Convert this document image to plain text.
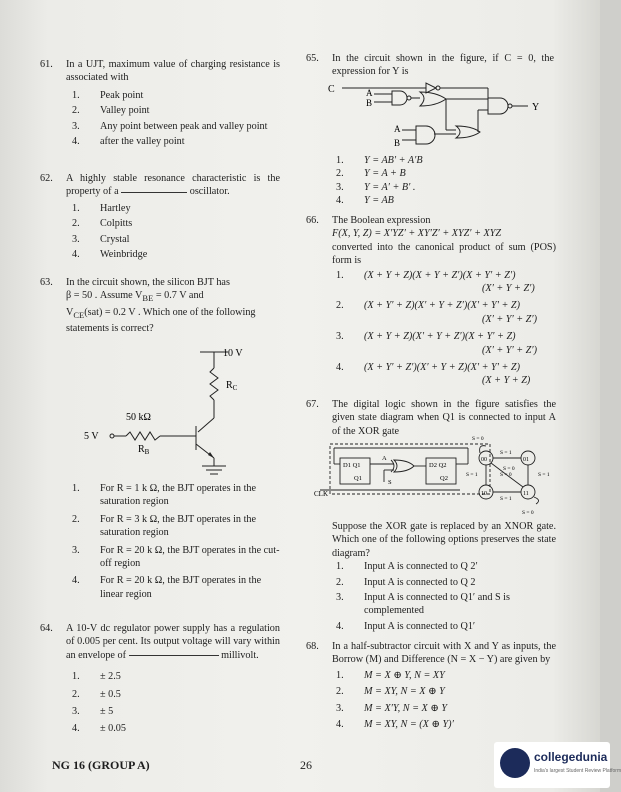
61.	In a UJT, maximum value of charging resistance is associated with
1.	Peak point
2.	Valley point
3.	Any point between peak and valley point
4.	after the valley point
62.	A highly stable resonance characteristic is the property of a	oscillator.
1.	Hartley
2.	Colpitts
3.	Crystal
4.	Weinbridge
63.	In the circuit shown, the silicon BJT has
β = 50 . Assume $V_{BE} = 0.7$ V and
$V_{CE}(sat) = 0.2$ V . Which one of the following
statements is correct?
10 V
$R_C$
50 kΩ
$R_B$
5 V
1.	For R = 1 k Ω, the BJT operates in the saturation region
2.	For R = 3 k Ω, the BJT operates in the saturation region
3.	For R = 20 k Ω, the BJT operates in the cut-off region
4.	For R = 20 k Ω, the BJT operates in the linear region
64.	A 10-V dc regulator power supply has a regulation of 0.005 per cent. Its output voltage will vary within an envelope of	millivolt.
1.	± 2.5
2.	± 0.5
3.	± 5
4.	± 0.05
65.	In the circuit shown in the figure, if C = 0, the expression for Y is
C	A
B
A
B
Y
1.	Y = AB′ + A′B
2.	Y = A + B
3.	Y = A′ + B′ .
4.	Y = AB
66.	The Boolean expression
F(X, Y, Z) = X′YZ′ + XY′Z′ + XYZ′ + XYZ
converted into the canonical product of sum (POS) form is
1.	(X + Y + Z)(X + Y + Z′)(X + Y′ + Z′)
(X′ + Y + Z′)
2.	(X + Y′ + Z)(X′ + Y + Z′)(X′ + Y′ + Z)
(X′ + Y′ + Z′)
3.	(X + Y + Z)(X′ + Y + Z′)(X + Y′ + Z)
(X′ + Y′ + Z′)
4.	(X + Y′ + Z′)(X′ + Y + Z)(X′ + Y′ + Z)
(X + Y + Z)
67.	The digital logic shown in the figure satisfies the given state diagram when Q1 is connected to input A of the XOR gate
D1 Q1
Q1
D2 Q2
Q2
A
S
CLK
S = 0
S = 1
S = 0
S = 0	S = 1
S = 1
S = 1
S = 0
00	01
10	11
Suppose the XOR gate is replaced by an XNOR gate. Which one of the following options preserves the state diagram?
1.	Input A is connected to Q 2′
2.	Input A is connected to Q 2
3.	Input A is connected to Q1′ and S is complemented
4.	Input A is connected to Q1′
68.	In a half-subtractor circuit with X and Y as inputs, the Borrow (M) and Difference (N = X − Y) are given by
1.	M = X ⊕ Y, N = XY
2.	M = XY, N = X ⊕ Y
3.	M = X′Y, N = X ⊕ Y
4.	M = XY, N = (X ⊕ Y)′
NG 16 (GROUP A)	26
collegedunia
India's largest Student Review Platform
